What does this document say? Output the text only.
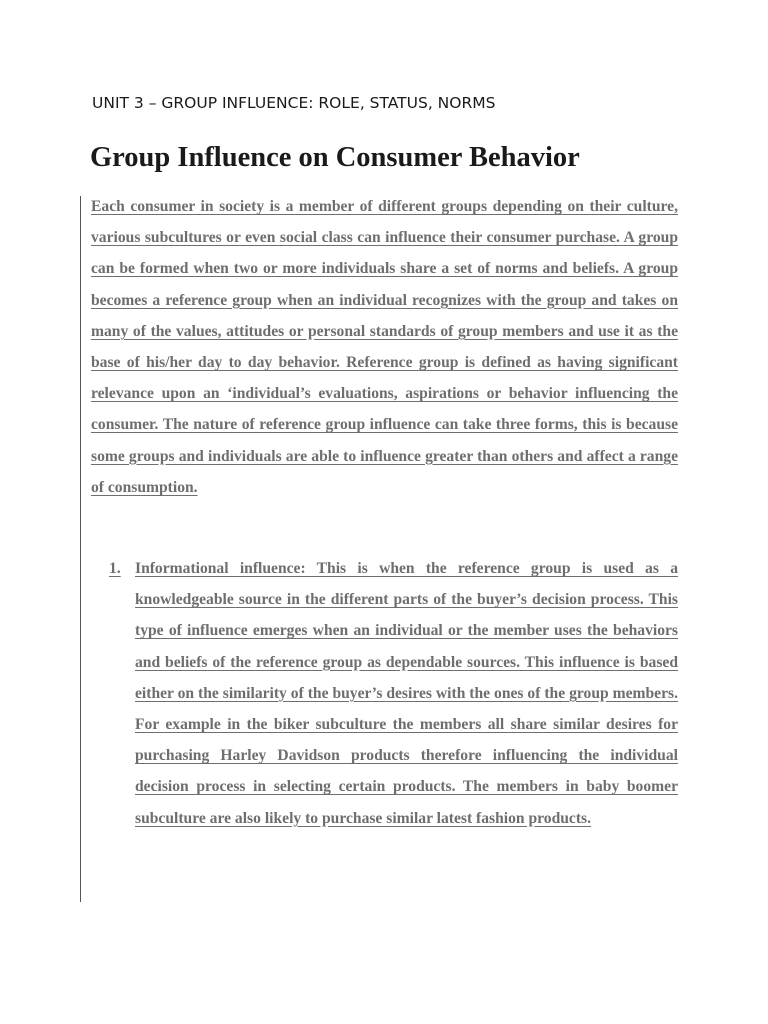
UNIT 3 – GROUP INFLUENCE: ROLE, STATUS, NORMS
Group Influence on Consumer Behavior

Each consumer in society is a member of different groups depending on their culture, various subcultures or even social class can influence their consumer purchase. A group can be formed when two or more individuals share a set of norms and beliefs. A group becomes a reference group when an individual recognizes with the group and takes on many of the values, attitudes or personal standards of group members and use it as the base of his/her day to day behavior. Reference group is defined as having significant relevance upon an ‘individual’s evaluations, aspirations or behavior influencing the consumer. The nature of reference group influence can take three forms, this is because some groups and individuals are able to influence greater than others and affect a range of consumption.

1. Informational influence: This is when the reference group is used as a knowledgeable source in the different parts of the buyer’s decision process. This type of influence emerges when an individual or the member uses the behaviors and beliefs of the reference group as dependable sources. This influence is based either on the similarity of the buyer’s desires with the ones of the group members. For example in the biker subculture the members all share similar desires for purchasing Harley Davidson products therefore influencing the individual decision process in selecting certain products. The members in baby boomer subculture are also likely to purchase similar latest fashion products.
